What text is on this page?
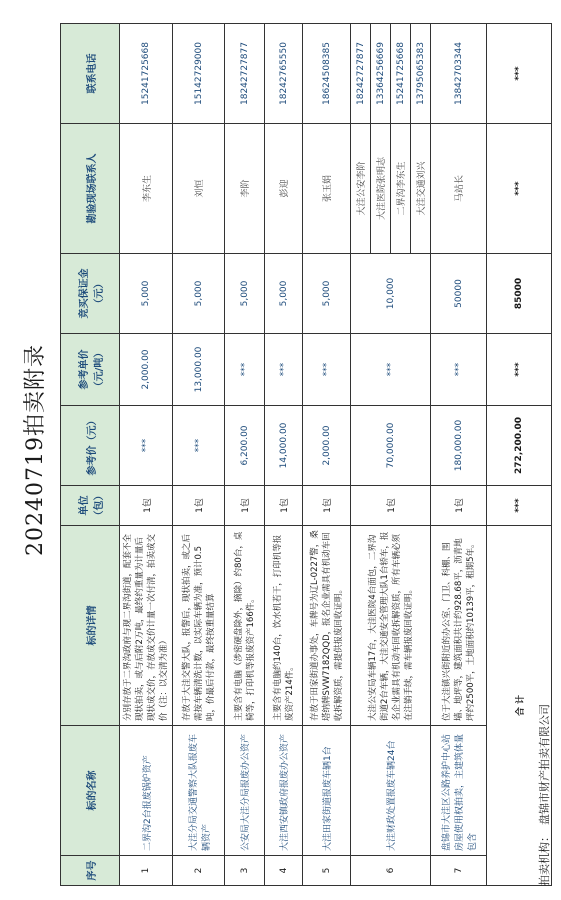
20240719拍卖附录
序号	标的名称	标的详情	单位（包）	参考价（元）	参考单价（元/吨）	竞买保证金（元）	勘验现场联系人	联系电话
1	二界沟2台报废锅炉资产	分别存放于二界沟政府与现二界沟街道，配套不全现状拍卖，或与后附2万吨，最终约重量为计量后现状成交价，存放成交价计量一次付清，拍卖成交价（注：以交清为准）	1包	***	2,000.00	5,000	李东生	15241725668
2	大洼分局交通警察大队报废车辆资产	存放于大洼交警大队，报警后，现状拍卖，或之后需按车辆清洗计数，以实际车辆为准，预计0.5吨，价最后付款，最终按重量结算	1包	***	13,000.00	5,000	刘恒	15142729000
3	公安局大洼分局报废办公资产	主要含有电脑（涉密硬盘除外，摘除）约80台，桌椅等，打印机等报废资产166件。	1包	6,200.00	***	5,000	李阶	18242727877
4	大洼西安镇政府报废办公资产	主要含有电脑约140台，饮水机若干，打印机等报废资产214件。	1包	14,000.00	***	5,000	彭迎	18242765550
5	大洼田家街道报废车辆1台	存放于田家街道办事处，车牌号为辽L-0227警，桑塔纳牌SVW7182QQD，报名企业需具有机动车回收拆解资质，需提供报废回收证明。	1包	2,000.00	***	5,000	张玉娟	18624508385
6	大洼财政处置报废车辆24台	大洼公安局车辆17台，大洼医院4台面包，二界沟街道2台车辆，大洼交通安全管理大队1台轿车，报名企业需具有机动车回收拆解资质，所有车辆必须在注销手续，需车辆报废回收证明。	1包	70,000.00	***	10,000	大洼公安李阶	18242727877
							大洼医院张明志	13364256669
							二界沟李东生	15241725668
							大洼交通刘兴	13795065383
7	盘锦市大洼区公路养护中心站房屋使用权拍卖，主建筑体量包含	位于大洼镇兴街附近的办公室、门卫、科棚、围墙、地坪等，建筑面积共计约928.68平，沥青地坪约2500平，土地面积约10139平，租期5年。	1包	180,000.00	***	50000	马站长	13842703344
合 计			***	272,200.00	***	85000	***	***
拍卖机构：盘锦市财产拍卖有限公司
